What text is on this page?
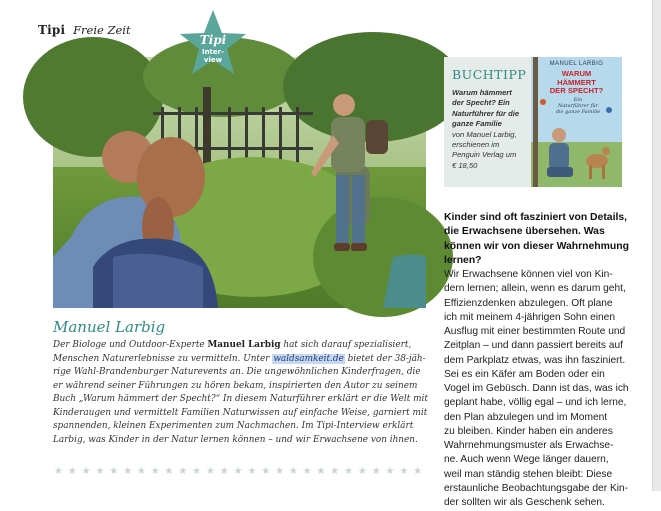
Tipi Freie Zeit
Tipi
Inter-
view
Manuel Larbig
Der Biologe und Outdoor-Experte Manuel Larbig hat sich darauf spezialisiert,
Menschen Naturerlebnisse zu vermitteln. Unter waldsamkeit.de bietet der 38-jäh-
rige Wahl-Brandenburger Naturevents an. Die ungewöhnlichen Kinderfragen, die
er während seiner Führungen zu hören bekam, inspirierten den Autor zu seinem
Buch „Warum hämmert der Specht?“ In diesem Naturführer erklärt er die Welt mit
Kinderaugen und vermittelt Familien Naturwissen auf einfache Weise, garniert mit
spannenden, kleinen Experimenten zum Nachmachen. Im Tipi-Interview erklärt
Larbig, was Kinder in der Natur lernen können – und wir Erwachsene von ihnen.
★ ★ ★ ★ ★ ★ ★ ★ ★ ★ ★ ★ ★ ★ ★ ★ ★ ★ ★ ★ ★ ★ ★ ★ ★ ★ ★
BUCHTIPP
Warum hämmert
der Specht? Ein
Naturführer für die
ganze Familie
von Manuel Larbig,
erschienen im
Penguin Verlag um
€ 18,50
MANUEL LARBIG
WARUM
HÄMMERT
DER SPECHT?
Ein
Naturführer für
die ganze Familie
Kinder sind oft fasziniert von Details,
die Erwachsene übersehen. Was
können wir von dieser Wahrnehmung
lernen?
Wir Erwachsene können viel von Kin-
dern lernen; allein, wenn es darum geht,
Effizienzdenken abzulegen. Oft plane
ich mit meinem 4-jährigen Sohn einen
Ausflug mit einer bestimmten Route und
Zeitplan – und dann passiert bereits auf
dem Parkplatz etwas, was ihn fasziniert.
Sei es ein Käfer am Boden oder ein
Vogel im Gebüsch. Dann ist das, was ich
geplant habe, völlig egal – und ich lerne,
den Plan abzulegen und im Moment
zu bleiben. Kinder haben ein anderes
Wahrnehmungsmuster als Erwachse-
ne. Auch wenn Wege länger dauern,
weil man ständig stehen bleibt: Diese
erstaunliche Beobachtungsgabe der Kin-
der sollten wir als Geschenk sehen.
